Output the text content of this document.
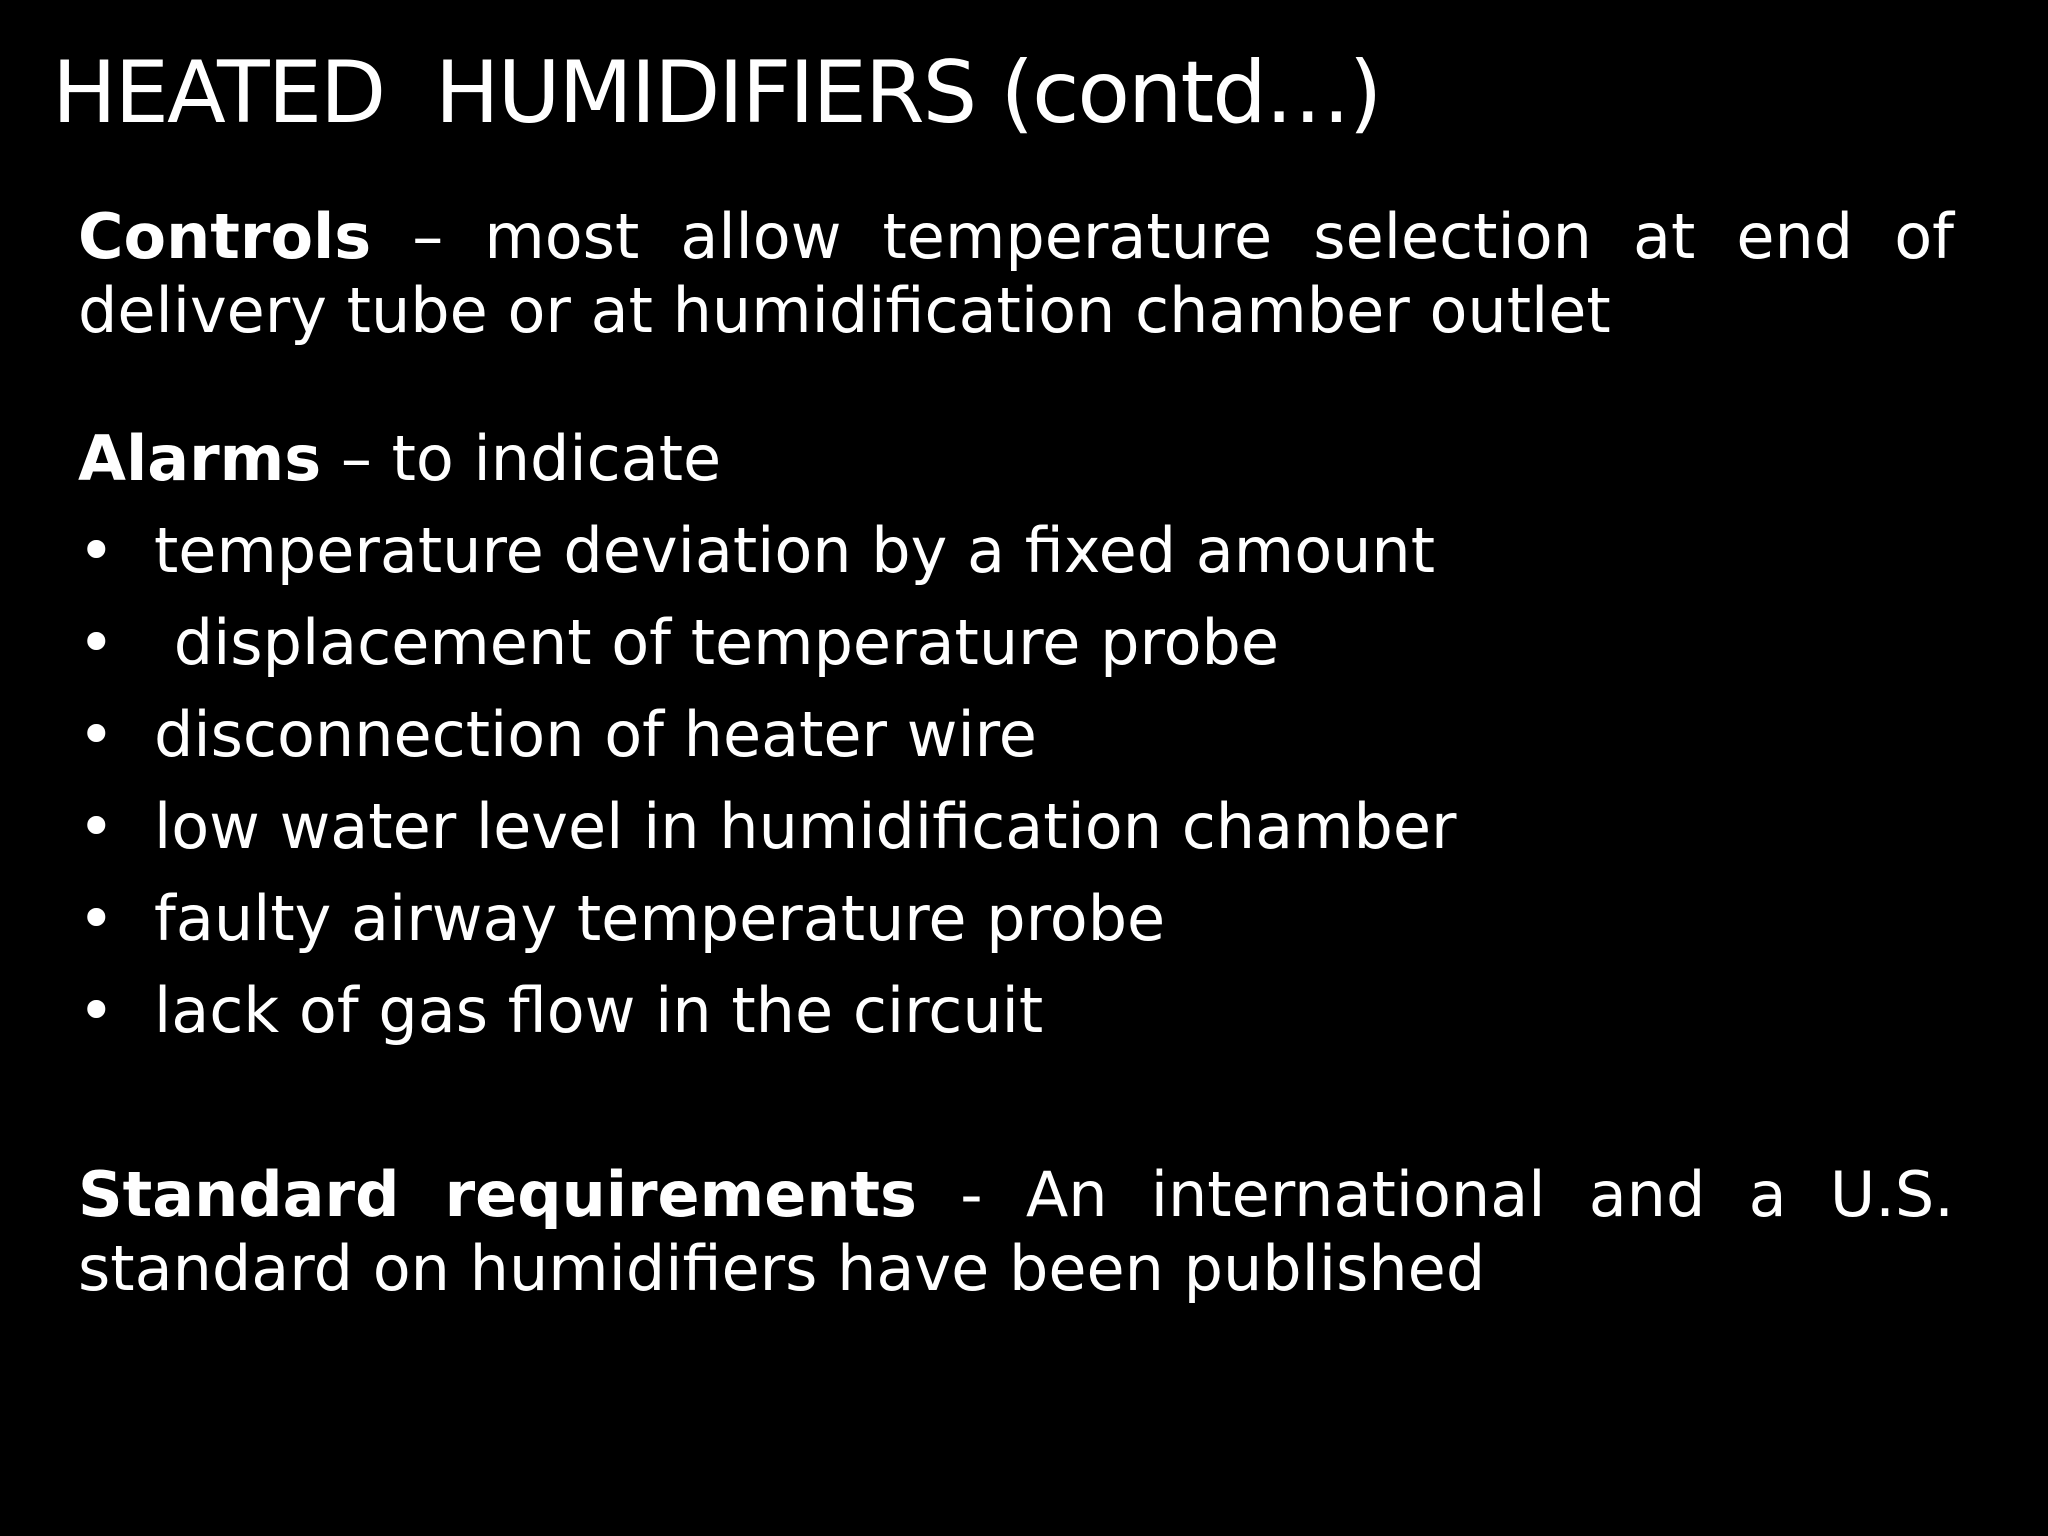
HEATED  HUMIDIFIERS (contd…)

Controls – most allow temperature selection at end of delivery tube or at humidification chamber outlet

Alarms – to indicate

• temperature deviation by a fixed amount
• displacement of temperature probe
• disconnection of heater wire
• low water level in humidification chamber
• faulty airway temperature probe
• lack of gas flow in the circuit

Standard requirements - An international and a U.S. standard on humidifiers have been published
